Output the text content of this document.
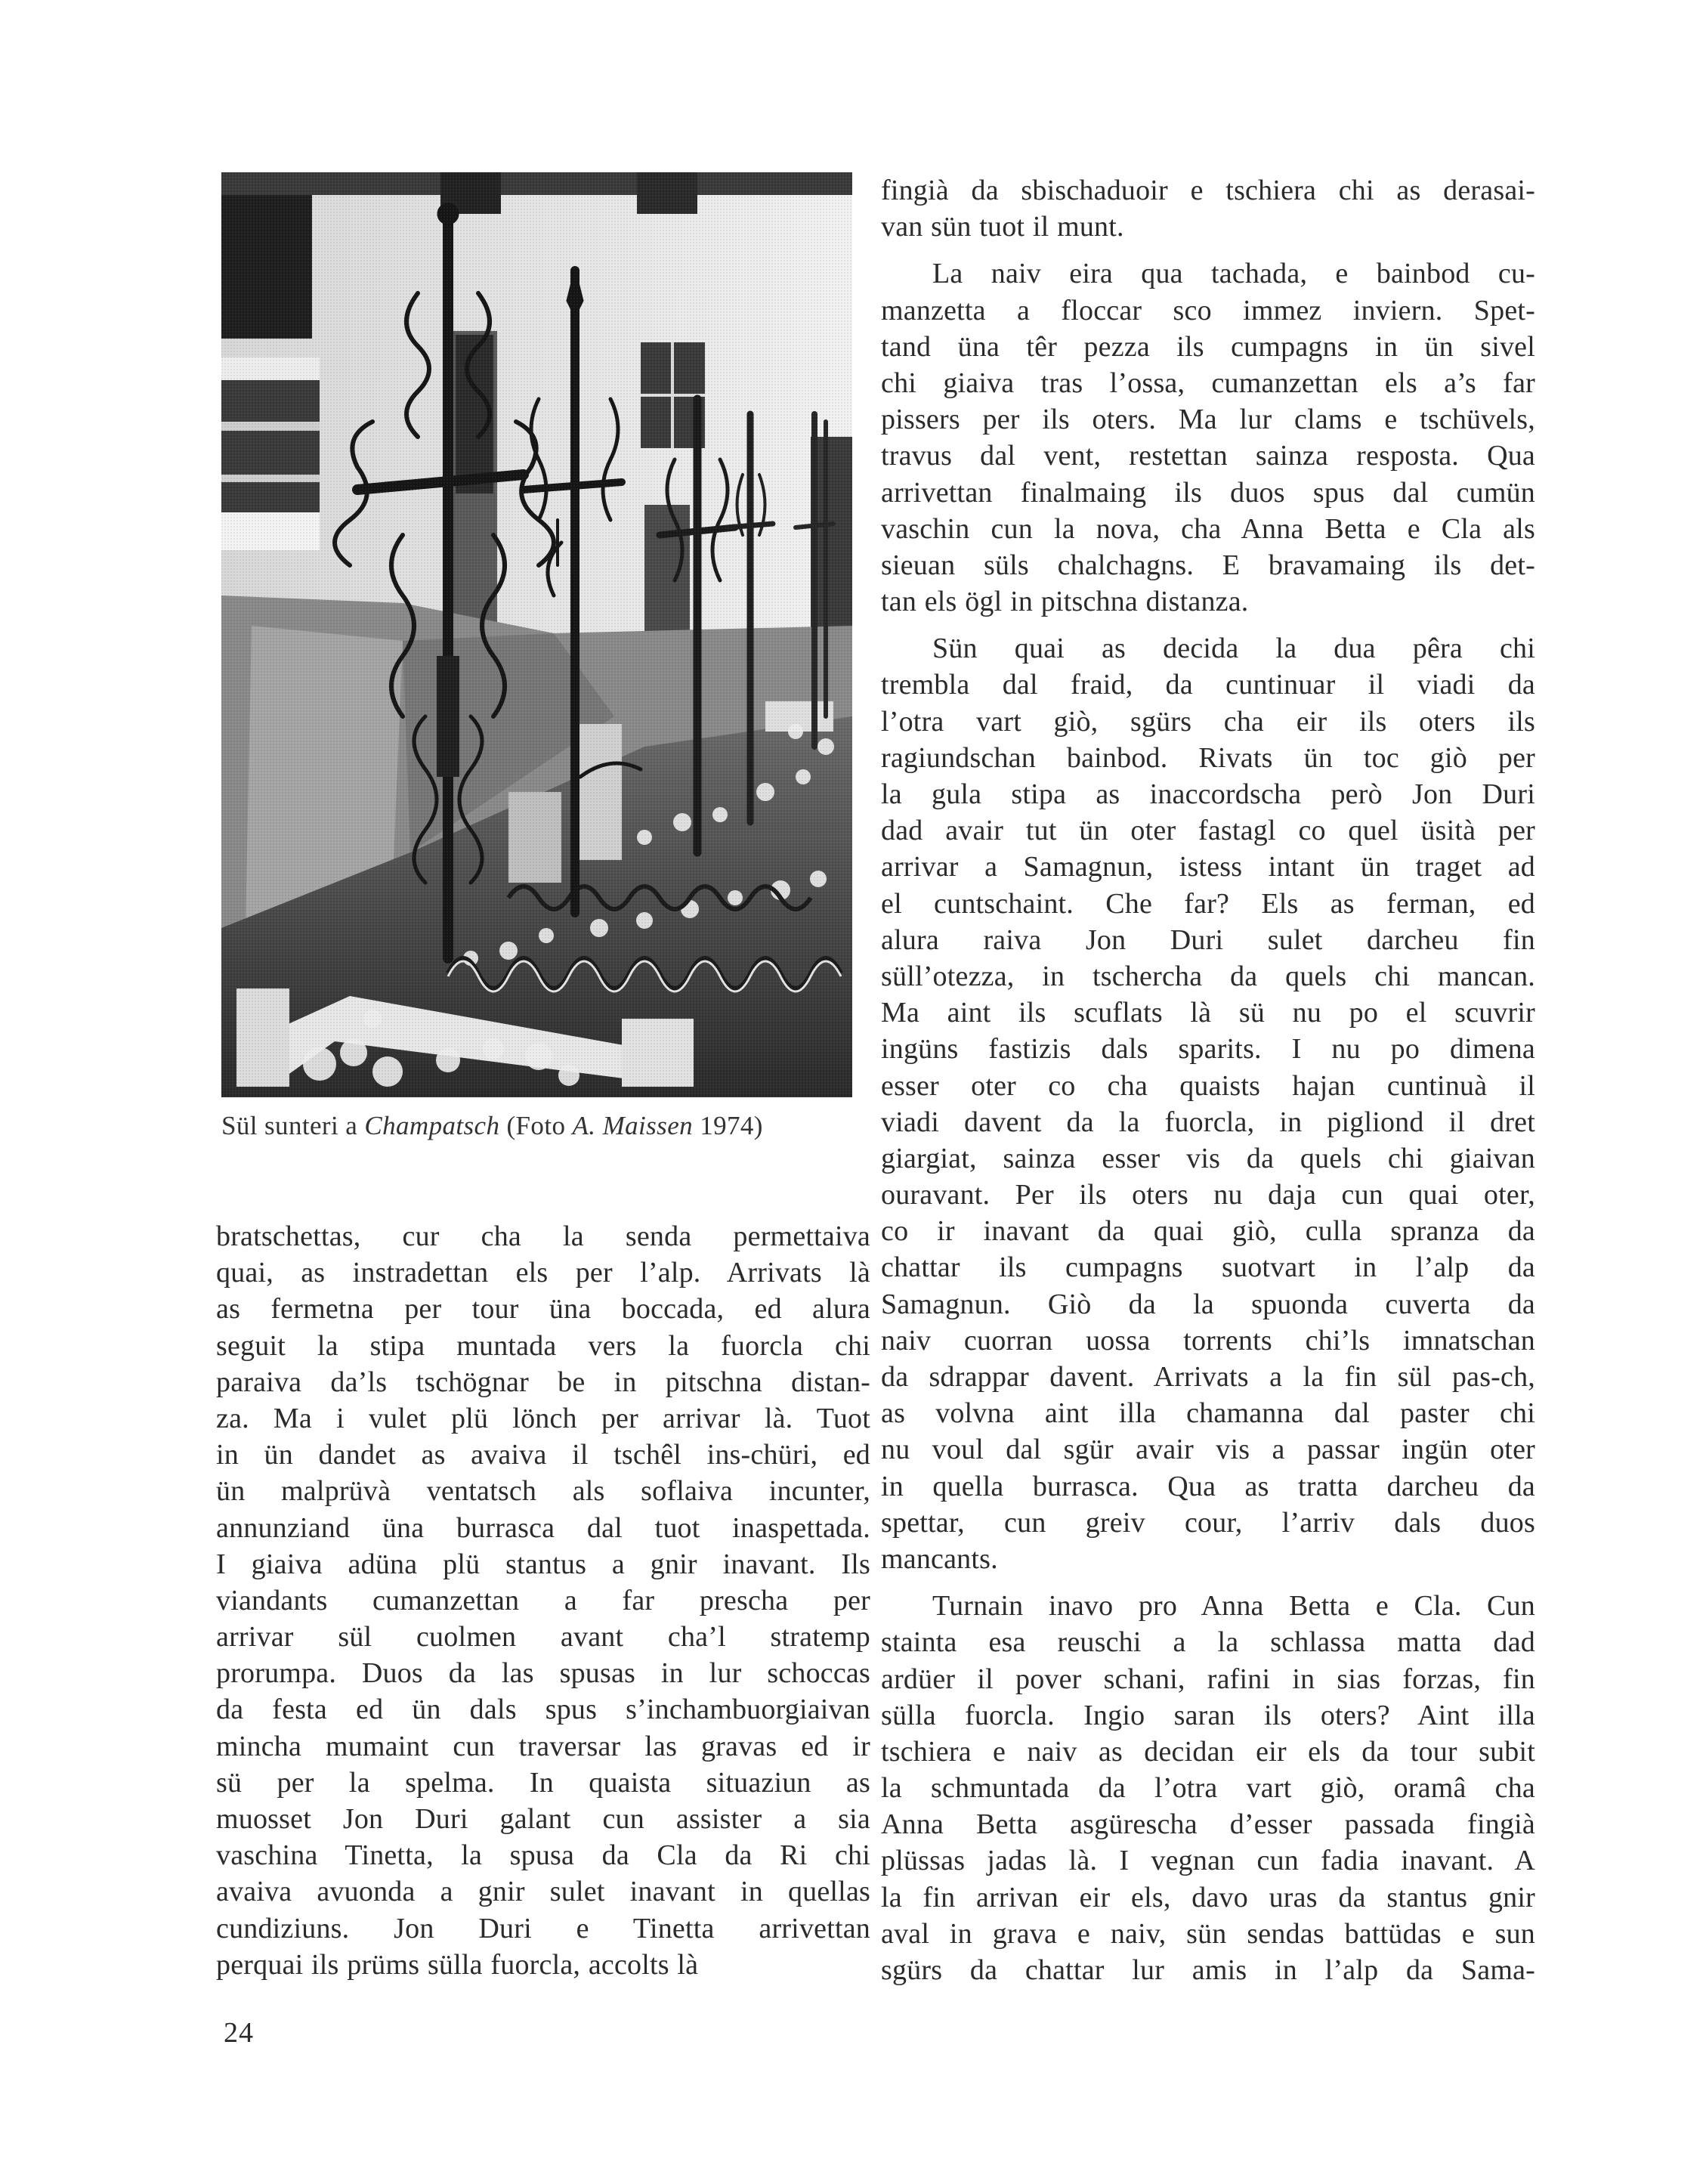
Sül sunteri a Champatsch (Foto A. Maissen 1974)
bratschettas, cur cha la senda permettaiva
quai, as instradettan els per l’alp. Arrivats là
as fermetna per tour üna boccada, ed alura
seguit la stipa muntada vers la fuorcla chi
paraiva da’ls tschögnar be in pitschna distan-
za. Ma i vulet plü lönch per arrivar là. Tuot
in ün dandet as avaiva il tschêl ins-chüri, ed
ün malprüvà ventatsch als soflaiva incunter,
annunziand üna burrasca dal tuot inaspettada.
I giaiva adüna plü stantus a gnir inavant. Ils
viandants cumanzettan a far prescha per
arrivar sül cuolmen avant cha’l stratemp
prorumpa. Duos da las spusas in lur schoccas
da festa ed ün dals spus s’inchambuorgiaivan
mincha mumaint cun traversar las gravas ed ir
sü per la spelma. In quaista situaziun as
muosset Jon Duri galant cun assister a sia
vaschina Tinetta, la spusa da Cla da Ri chi
avaiva avuonda a gnir sulet inavant in quellas
cundiziuns. Jon Duri e Tinetta arrivettan
perquai ils prüms sülla fuorcla, accolts là
fingià da sbischaduoir e tschiera chi as derasai-
van sün tuot il munt.
La naiv eira qua tachada, e bainbod cu-
manzetta a floccar sco immez inviern. Spet-
tand üna têr pezza ils cumpagns in ün sivel
chi giaiva tras l’ossa, cumanzettan els a’s far
pissers per ils oters. Ma lur clams e tschüvels,
travus dal vent, restettan sainza resposta. Qua
arrivettan finalmaing ils duos spus dal cumün
vaschin cun la nova, cha Anna Betta e Cla als
sieuan süls chalchagns. E bravamaing ils det-
tan els ögl in pitschna distanza.
Sün quai as decida la dua pêra chi
trembla dal fraid, da cuntinuar il viadi da
l’otra vart giò, sgürs cha eir ils oters ils
ragiundschan bainbod. Rivats ün toc giò per
la gula stipa as inaccordscha però Jon Duri
dad avair tut ün oter fastagl co quel üsità per
arrivar a Samagnun, istess intant ün traget ad
el cuntschaint. Che far? Els as ferman, ed
alura raiva Jon Duri sulet darcheu fin
süll’otezza, in tschercha da quels chi mancan.
Ma aint ils scuflats là sü nu po el scuvrir
ingüns fastizis dals sparits. I nu po dimena
esser oter co cha quaists hajan cuntinuà il
viadi davent da la fuorcla, in pigliond il dret
giargiat, sainza esser vis da quels chi giaivan
ouravant. Per ils oters nu daja cun quai oter,
co ir inavant da quai giò, culla spranza da
chattar ils cumpagns suotvart in l’alp da
Samagnun. Giò da la spuonda cuverta da
naiv cuorran uossa torrents chi’ls imnatschan
da sdrappar davent. Arrivats a la fin sül pas-ch,
as volvna aint illa chamanna dal paster chi
nu voul dal sgür avair vis a passar ingün oter
in quella burrasca. Qua as tratta darcheu da
spettar, cun greiv cour, l’arriv dals duos
mancants.
Turnain inavo pro Anna Betta e Cla. Cun
stainta esa reuschi a la schlassa matta dad
ardüer il pover schani, rafini in sias forzas, fin
sülla fuorcla. Ingio saran ils oters? Aint illa
tschiera e naiv as decidan eir els da tour subit
la schmuntada da l’otra vart giò, oramâ cha
Anna Betta asgürescha d’esser passada fingià
plüssas jadas là. I vegnan cun fadia inavant. A
la fin arrivan eir els, davo uras da stantus gnir
aval in grava e naiv, sün sendas battüdas e sun
sgürs da chattar lur amis in l’alp da Sama-
24
